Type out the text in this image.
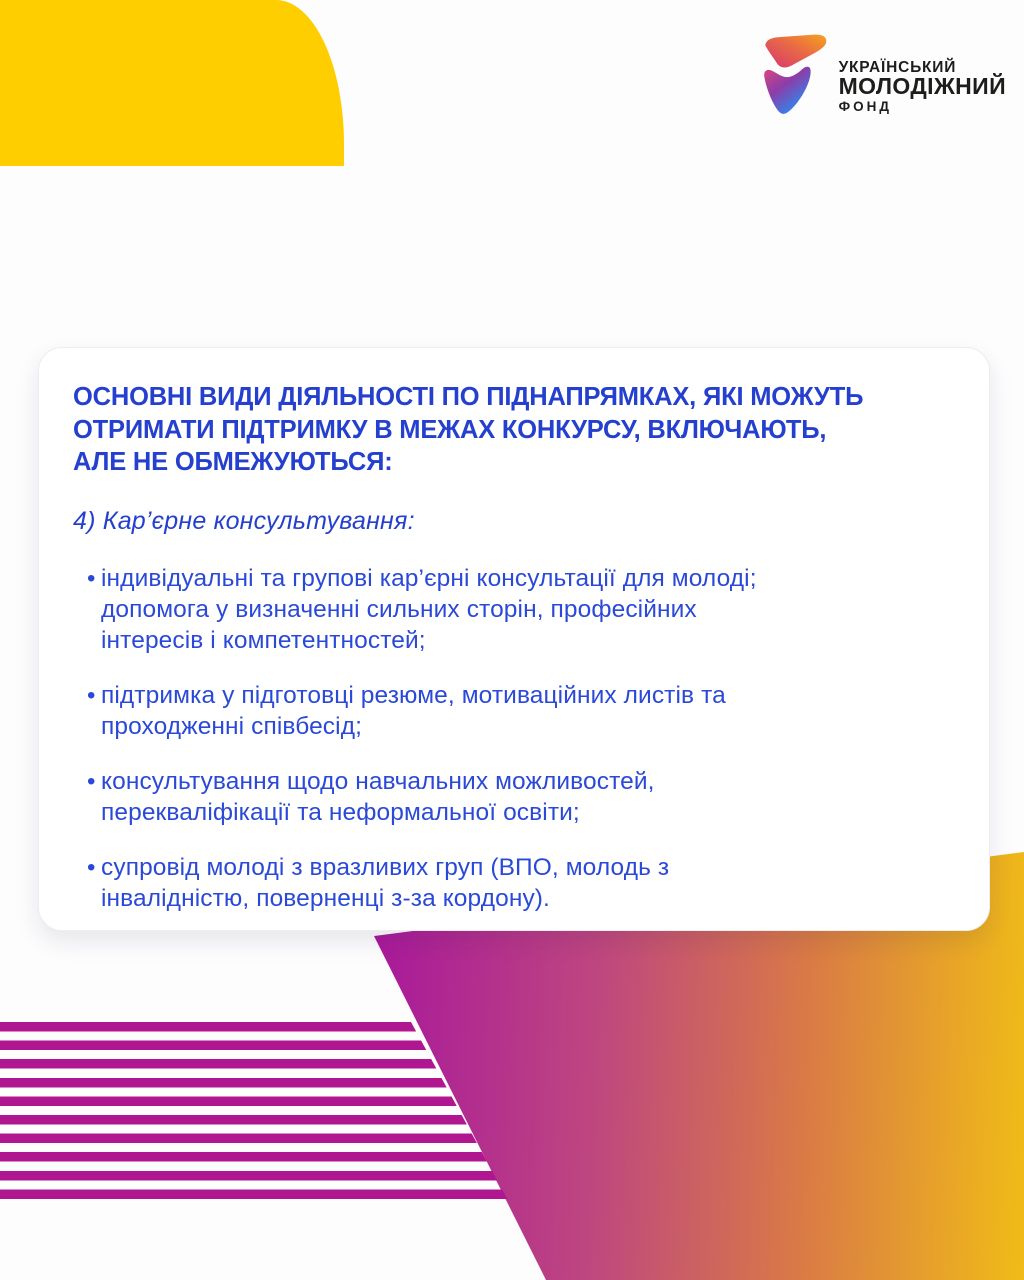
УКРАЇНСЬКИЙ
МОЛОДІЖНИЙ
ФОНД
ОСНОВНІ ВИДИ ДІЯЛЬНОСТІ ПО ПІДНАПРЯМКАХ, ЯКІ МОЖУТЬ
ОТРИМАТИ ПІДТРИМКУ В МЕЖАХ КОНКУРСУ, ВКЛЮЧАЮТЬ,
АЛЕ НЕ ОБМЕЖУЮТЬСЯ:
4) Кар’єрне консультування:
• індивідуальні та групові кар’єрні консультації для молоді;
допомога у визначенні сильних сторін, професійних
інтересів і компетентностей;
• підтримка у підготовці резюме, мотиваційних листів та
проходженні співбесід;
• консультування щодо навчальних можливостей,
перекваліфікації та неформальної освіти;
• супровід молоді з вразливих груп (ВПО, молодь з
інвалідністю, поверненці з-за кордону).
